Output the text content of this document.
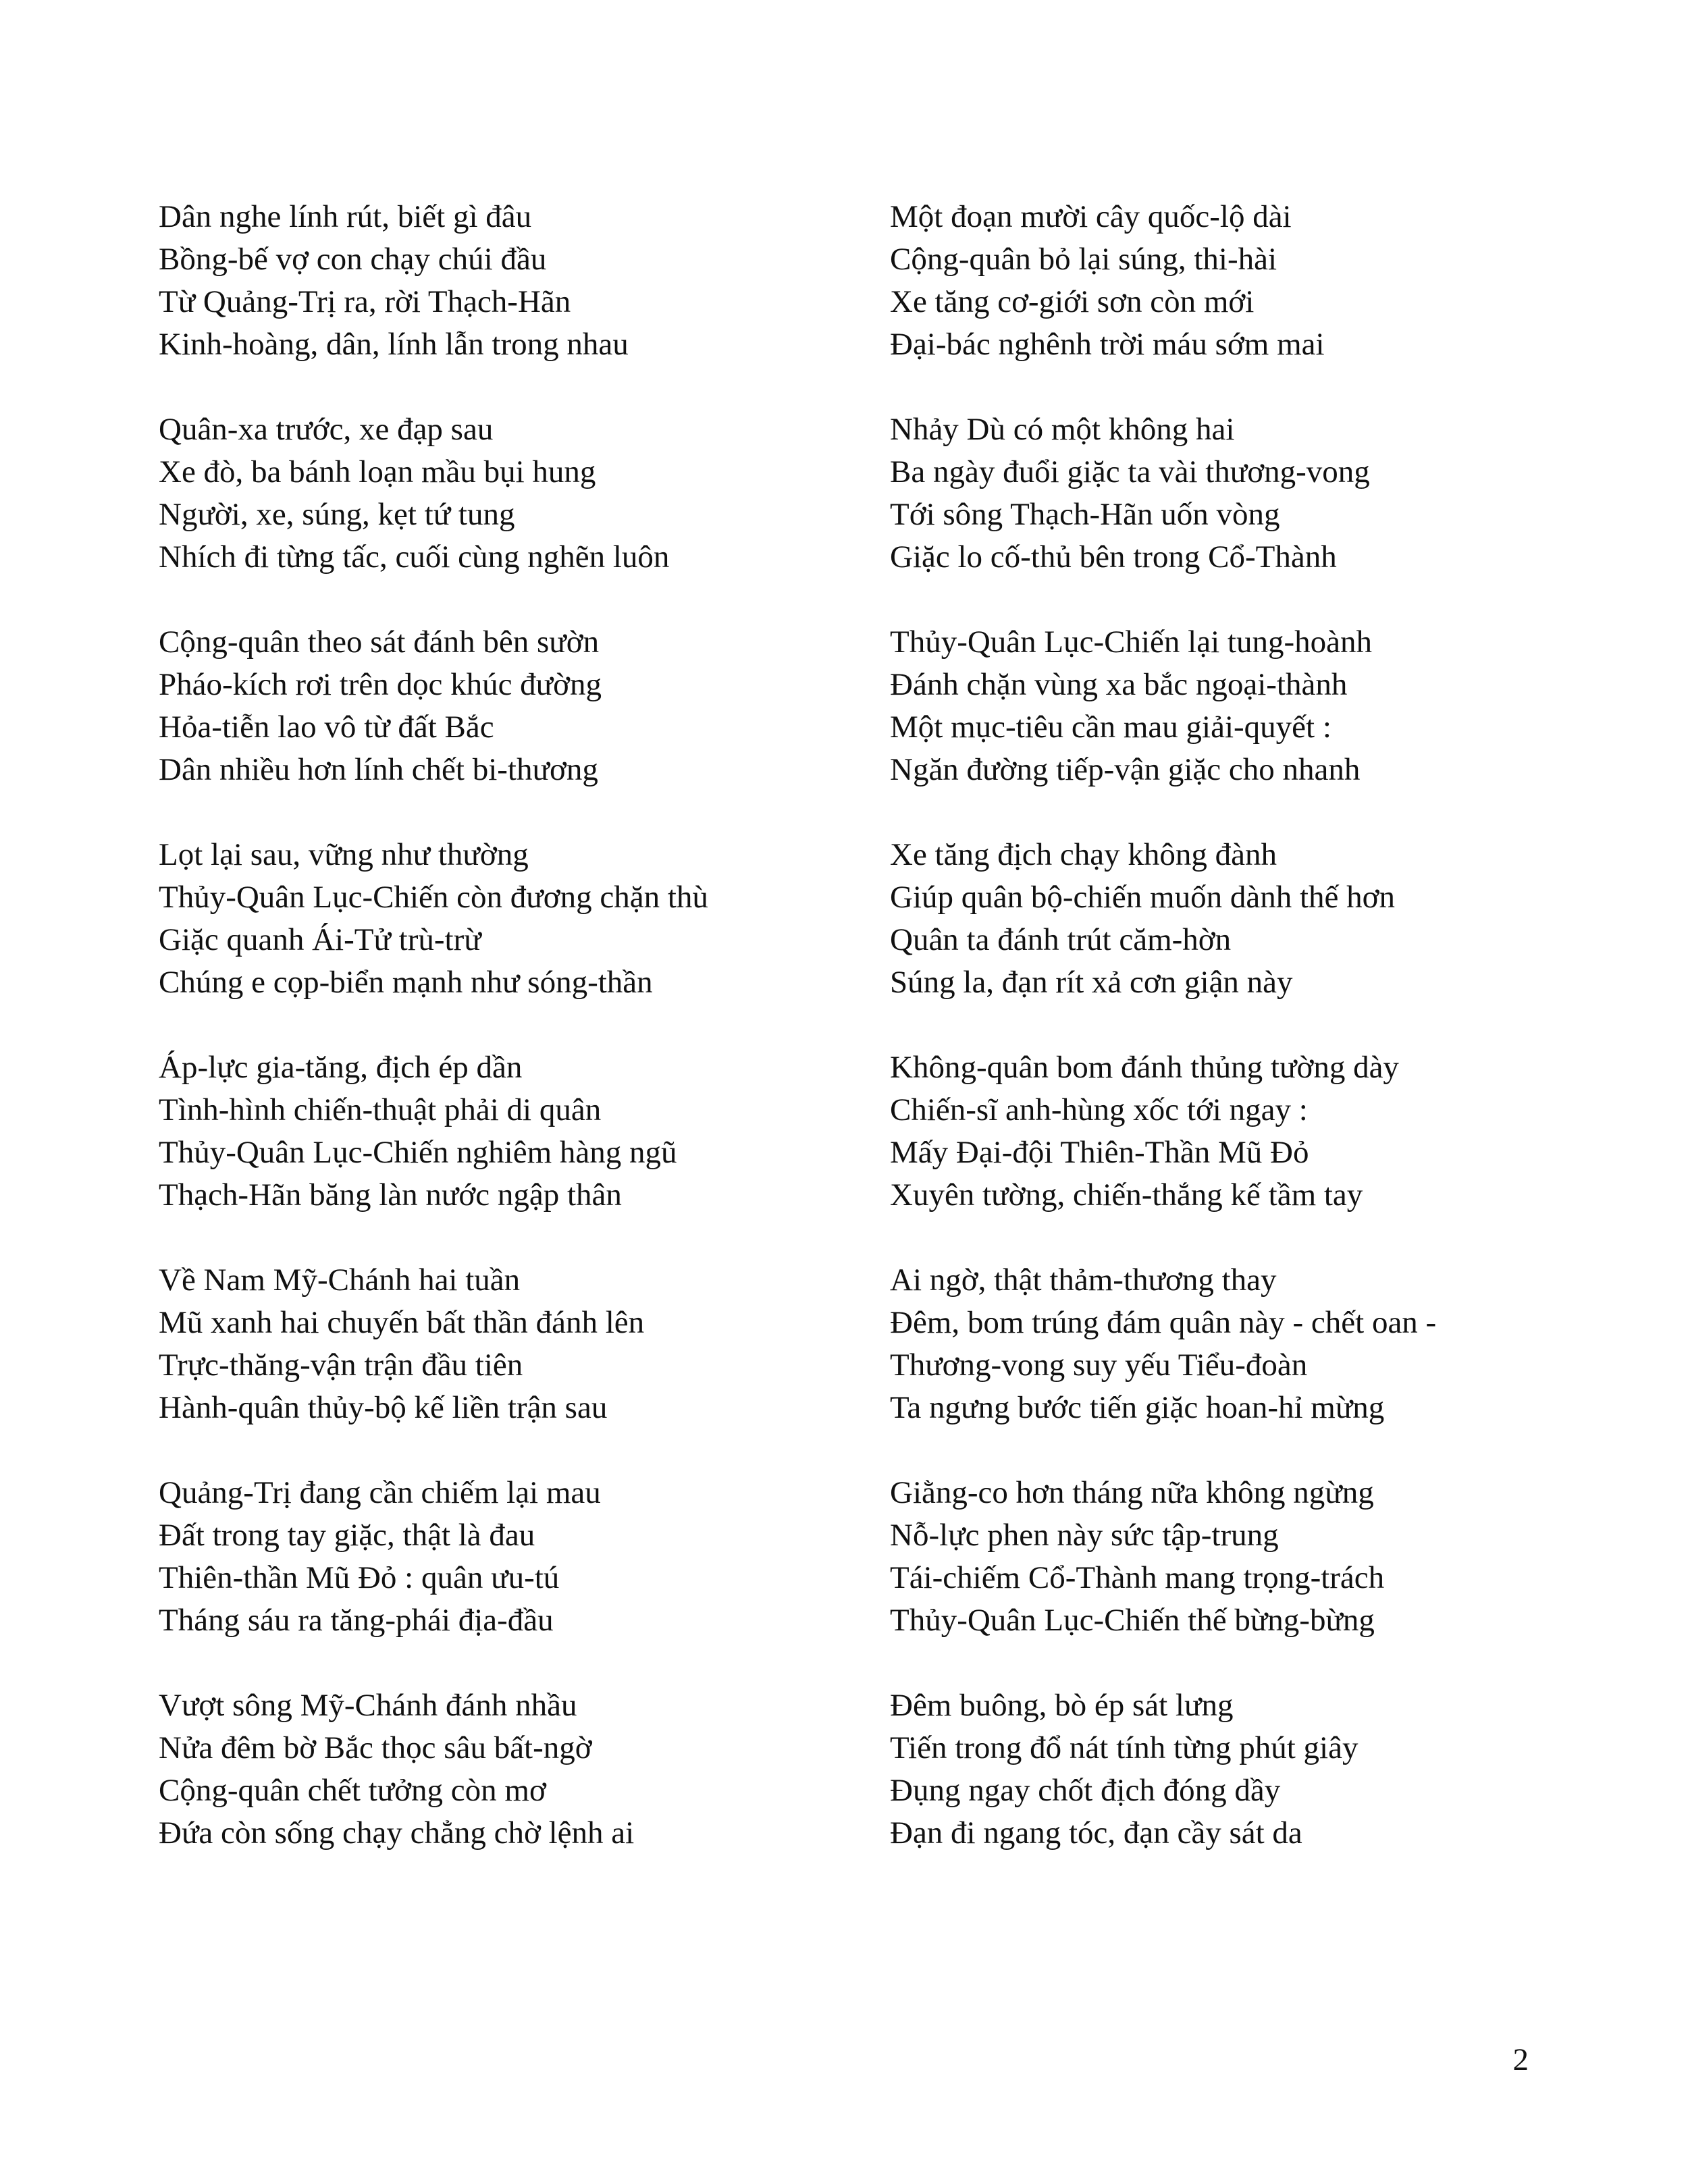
Dân nghe lính rút, biết gì đâu
Bồng-bế vợ con chạy chúi đầu
Từ Quảng-Trị ra, rời Thạch-Hãn
Kinh-hoàng, dân, lính lẫn trong nhau
Quân-xa trước, xe đạp sau
Xe đò, ba bánh loạn mầu bụi hung
Người, xe, súng, kẹt tứ tung
Nhích đi từng tấc, cuối cùng nghẽn luôn
Cộng-quân theo sát đánh bên sườn
Pháo-kích rơi trên dọc khúc đường
Hỏa-tiễn lao vô từ đất Bắc
Dân nhiều hơn lính chết bi-thương
Lọt lại sau, vững như thường
Thủy-Quân Lục-Chiến còn đương chặn thù
Giặc quanh Ái-Tử trù-trừ
Chúng e cọp-biển mạnh như sóng-thần
Áp-lực gia-tăng, địch ép dần
Tình-hình chiến-thuật phải di quân
Thủy-Quân Lục-Chiến nghiêm hàng ngũ
Thạch-Hãn băng làn nước ngập thân
Về Nam Mỹ-Chánh hai tuần
Mũ xanh hai chuyến bất thần đánh lên
Trực-thăng-vận trận đầu tiên
Hành-quân thủy-bộ kế liền trận sau
Quảng-Trị đang cần chiếm lại mau
Đất trong tay giặc, thật là đau
Thiên-thần Mũ Đỏ : quân ưu-tú
Tháng sáu ra tăng-phái địa-đầu
Vượt sông Mỹ-Chánh đánh nhầu
Nửa đêm bờ Bắc thọc sâu bất-ngờ
Cộng-quân chết tưởng còn mơ
Đứa còn sống chạy chẳng chờ lệnh ai
Một đoạn mười cây quốc-lộ dài
Cộng-quân bỏ lại súng, thi-hài
Xe tăng cơ-giới sơn còn mới
Đại-bác nghênh trời máu sớm mai
Nhảy Dù có một không hai
Ba ngày đuổi giặc ta vài thương-vong
Tới sông Thạch-Hãn uốn vòng
Giặc lo cố-thủ bên trong Cổ-Thành
Thủy-Quân Lục-Chiến lại tung-hoành
Đánh chặn vùng xa bắc ngoại-thành
Một mục-tiêu cần mau giải-quyết :
Ngăn đường tiếp-vận giặc cho nhanh
Xe tăng địch chạy không đành
Giúp quân bộ-chiến muốn dành thế hơn
Quân ta đánh trút căm-hờn
Súng la, đạn rít xả cơn giận này
Không-quân bom đánh thủng tường dày
Chiến-sĩ anh-hùng xốc tới ngay :
Mấy Đại-đội Thiên-Thần Mũ Đỏ
Xuyên tường, chiến-thắng kế tầm tay
Ai ngờ, thật thảm-thương thay
Đêm, bom trúng đám quân này - chết oan -
Thương-vong suy yếu Tiểu-đoàn
Ta ngưng bước tiến giặc hoan-hỉ mừng
Giằng-co hơn tháng nữa không ngừng
Nỗ-lực phen này sức tập-trung
Tái-chiếm Cổ-Thành mang trọng-trách
Thủy-Quân Lục-Chiến thế bừng-bừng
Đêm buông, bò ép sát lưng
Tiến trong đổ nát tính từng phút giây
Đụng ngay chốt địch đóng dầy
Đạn đi ngang tóc, đạn cầy sát da
2
